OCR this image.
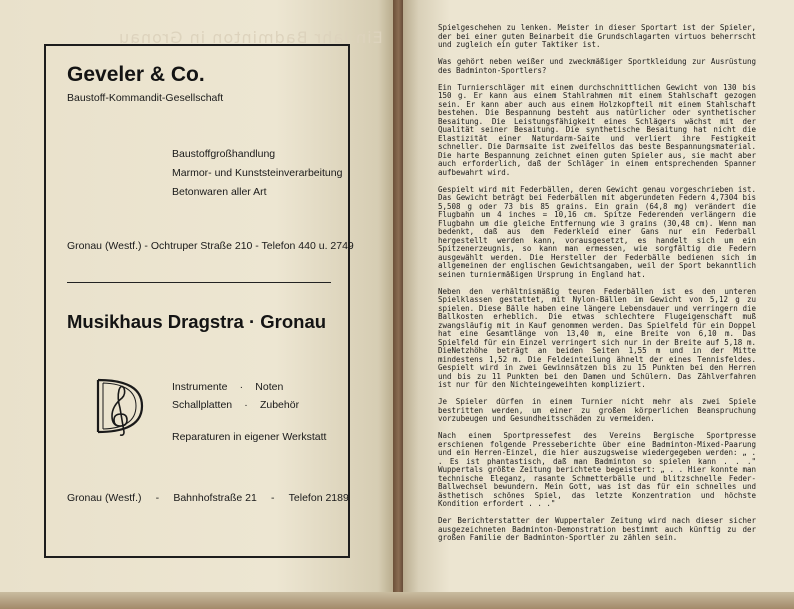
Ein Jahr Badminton in Gronau
Geveler & Co.
Baustoff-Kommandit-Gesellschaft
Baustoffgroßhandlung
Marmor- und Kunststeinverarbeitung
Betonwaren aller Art
Gronau (Westf.) - Ochtruper Straße 210 - Telefon 440 u. 2749
Musikhaus Dragstra · Gronau
Instrumente · Noten
Schallplatten · Zubehör
Reparaturen in eigener Werkstatt
Gronau (Westf.) - Bahnhofstraße 21 - Telefon 2189

Spielgeschehen zu lenken. Meister in dieser Sportart ist der Spieler, der bei einer guten Beinarbeit die Grundschlagarten virtuos beherrscht und zugleich ein guter Taktiker ist.

Was gehört neben weißer und zweckmäßiger Sportkleidung zur Ausrüstung des Badminton-Sportlers?

Ein Turnierschläger mit einem durchschnittlichen Gewicht von 130 bis 150 g. Er kann aus einem Stahlrahmen mit einem Stahlschaft gezogen sein. Er kann aber auch aus einem Holzkopfteil mit einem Stahlschaft bestehen. Die Bespannung besteht aus natürlicher oder synthetischer Besaitung. Die Leistungsfähigkeit eines Schlägers wächst mit der Qualität seiner Besaitung. Die synthetische Besaitung hat nicht die Elastizität einer Naturdarm-Saite und verliert ihre Festigkeit schneller. Die Darmsaite ist zweifellos das beste Bespannungsmaterial. Die harte Bespannung zeichnet einen guten Spieler aus, sie macht aber auch erforderlich, daß der Schläger in einem entsprechenden Spanner aufbewahrt wird.

Gespielt wird mit Federbällen, deren Gewicht genau vorgeschrieben ist. Das Gewicht beträgt bei Federbällen mit abgerundeten Federn 4,7304 bis 5,508 g oder 73 bis 85 grains. Ein grain (64,8 mg) verändert die Flugbahn um 4 inches = 10,16 cm. Spitze Federenden verlängern die Flugbahn um die gleiche Entfernung wie 3 grains (30,48 cm). Wenn man bedenkt, daß aus dem Federkleid einer Gans nur ein Federball hergestellt werden kann, vorausgesetzt, es handelt sich um ein Spitzenerzeugnis, so kann man ermessen, wie sorgfältig die Federn ausgewählt werden. Die Hersteller der Federbälle bedienen sich im allgemeinen der englischen Gewichtsangaben, weil der Sport bekanntlich seinen turniermäßigen Ursprung in England hat.

Neben den verhältnismäßig teuren Federbällen ist es den unteren Spielklassen gestattet, mit Nylon-Bällen im Gewicht von 5,12 g zu spielen. Diese Bälle haben eine längere Lebensdauer und verringern die Ballkosten erheblich. Die etwas schlechtere Flugeigenschaft muß zwangsläufig mit in Kauf genommen werden. Das Spielfeld für ein Doppel hat eine Gesamtlänge von 13,40 m, eine Breite von 6,10 m. Das Spielfeld für ein Einzel verringert sich nur in der Breite auf 5,18 m. DieNetzhöhe beträgt an beiden Seiten 1,55 m und in der Mitte mindestens 1,52 m. Die Feldeinteilung ähnelt der eines Tennisfeldes. Gespielt wird in zwei Gewinnsätzen bis zu 15 Punkten bei den Herren und bis zu 11 Punkten bei den Damen und Schülern. Das Zählverfahren ist nur für den Nichteingeweihten kompliziert.

Je Spieler dürfen in einem Turnier nicht mehr als zwei Spiele bestritten werden, um einer zu großen körperlichen Beanspruchung vorzubeugen und Gesundheitsschäden zu vermeiden.

Nach einem Sportpressefest des Vereins Bergische Sportpresse erschienen folgende Presseberichte über eine Badminton-Mixed-Paarung und ein Herren-Einzel, die hier auszugsweise wiedergegeben werden: „ . . Es ist phantastisch, daß man Badminton so spielen kann . . ." Wuppertals größte Zeitung berichtete begeistert: „ . . Hier konnte man technische Eleganz, rasante Schmetterbälle und blitzschnelle Feder-Ballwechsel bewundern. Mein Gott, was ist das für ein schnelles und ästhetisch schönes Spiel, das letzte Konzentration und höchste Kondition erfordert . . ."

Der Berichterstatter der Wuppertaler Zeitung wird nach dieser sicher ausgezeichneten Badminton-Demonstration bestimmt auch künftig zu der großen Familie der Badminton-Sportler zu zählen sein.
